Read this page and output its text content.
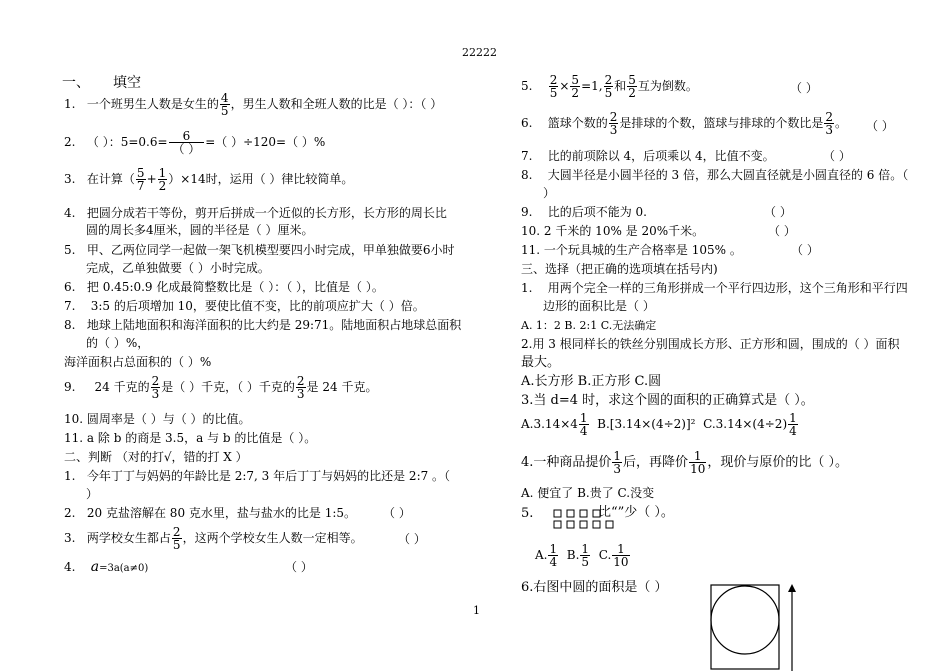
22222
1
一、 填空
1. 一个班男生人数是女生的 $\frac{4}{5}$ ，男生人数和全班人数的比是（ ）：（ ）
2. （ ）：$5=0.6= \frac{6}{( )}$ =（ ）÷120=（ ）%
3. 在计算（ $\frac{5}{7} + \frac{1}{2} )\times 14$时，运用（ ）律比较简单。
4. 把圆分成若干等份，剪开后拼成一个近似的长方形，长方形的周长比
圆的周长多4厘米，圆的半径是（ ）厘米。
5. 甲、乙两位同学一起做一架飞机模型要四小时完成，甲单独做要6小时
完成，乙单独做要（ ）小时完成。
6. 把 0.45:0.9 化成最简整数比是（ ）：（ ），比值是（ ）。
7. 3:5 的后项增加 10，要使比值不变，比的前项应扩大（ ）倍。
8. 地球上陆地面积和海洋面积的比大约是 29:71。陆地面积占地球总面积
的（ ）%，
海洋面积占总面积的（ ）%
9. 24 千克的 $\frac{2}{3}$ 是（ ）千克，（ ）千克的 $\frac{2}{3}$ 是 24 千克。
10. 圆周率是（ ）与（ ）的比值。
11. a 除 b 的商是 3.5，a 与 b 的比值是（ ）。
二、判断 （对的打√，错的打 X ）
1. 今年丁丁与妈妈的年龄比是 2:7, 3 年后丁丁与妈妈的比还是 2:7 。（
）
2. 20 克盐溶解在 80 克水里，盐与盐水的比是 1:5。 （ ）
3. 两学校女生都占 $\frac{2}{5}$ ，这两个学校女生人数一定相等。	（ ）
4. a=3a(a≠0)	（ ）
5. $\frac{2}{5} \times \frac{5}{2} =1$, $\frac{2}{5}$ 和 $\frac{5}{2}$ 互为倒数。	（ ）
6. 篮球个数的 $\frac{2}{3}$ 是排球的个数，篮球与排球的个数比是 $\frac{2}{3}$ 。 （ ）
7. 比的前项除以 4，后项乘以 4，比值不变。	（ ）
8. 大圆半径是小圆半径的 3 倍，那么大圆直径就是小圆直径的 6 倍。（
）
9. 比的后项不能为 0.	（ ）
10. 2 千米的 10% 是 20%千米。	（ ）
11. 一个玩具城的生产合格率是 105% 。	（ ）
三、选择（把正确的选项填在括号内)
1. 用两个完全一样的三角形拼成一个平行四边形，这个三角形和平行四
边形的面积比是（ ）
A. 1：2 B. 2:1 C.无法确定
2.用 3 根同样长的铁丝分别围成长方形、正方形和圆，围成的（ ）面积
最大。
A.长方形 B.正方形 C.圆
3.当 d=4 时，求这个圆的面积的正确算式是（ ）。
$A.3.14\times 4 \frac{1}{4} B.[3.14\times(4\div 2)]^2$ $C.3.14\times(4\div 2) \frac{1}{4}$
4.一种商品提价 $\frac{1}{3}$ 后，再降价 $\frac{1}{10}$ ，现价与原价的比（ ）。
A. 便宜了 B.贵了 C.没变
5.	比“”少（ ）。
A. $\frac{1}{4} B$. $\frac{1}{5} C$. $\frac{1}{10}$
6.右图中圆的面积是（ ）
